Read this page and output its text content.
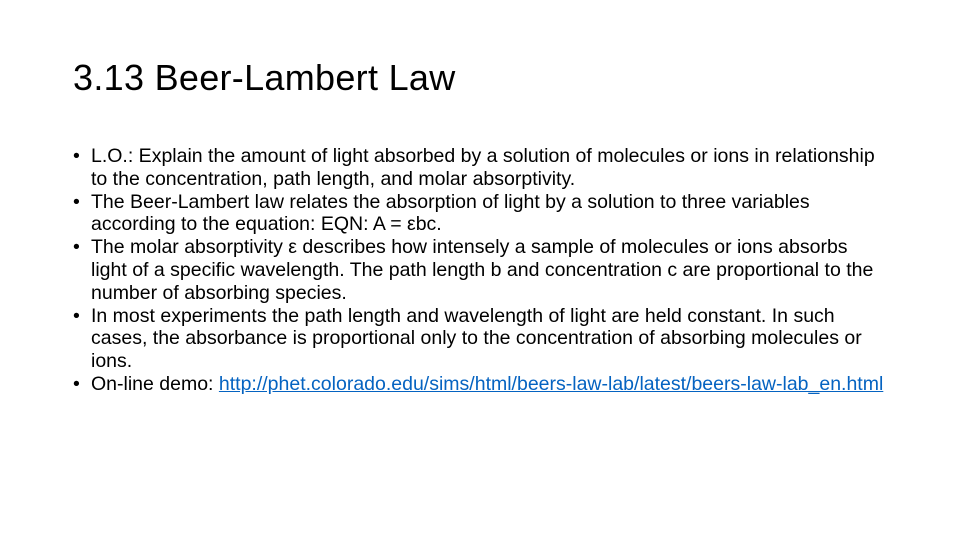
3.13 Beer-Lambert Law
• L.O.: Explain the amount of light absorbed by a solution of molecules or ions in relationship to the concentration, path length, and molar absorptivity.
• The Beer-Lambert law relates the absorption of light by a solution to three variables according to the equation: EQN: A = εbc.
• The molar absorptivity ε describes how intensely a sample of molecules or ions absorbs light of a specific wavelength. The path length b and concentration c are proportional to the number of absorbing species.
• In most experiments the path length and wavelength of light are held constant. In such cases, the absorbance is proportional only to the concentration of absorbing molecules or ions.
• On-line demo: http://phet.colorado.edu/sims/html/beers-law-lab/latest/beers-law-lab_en.html
